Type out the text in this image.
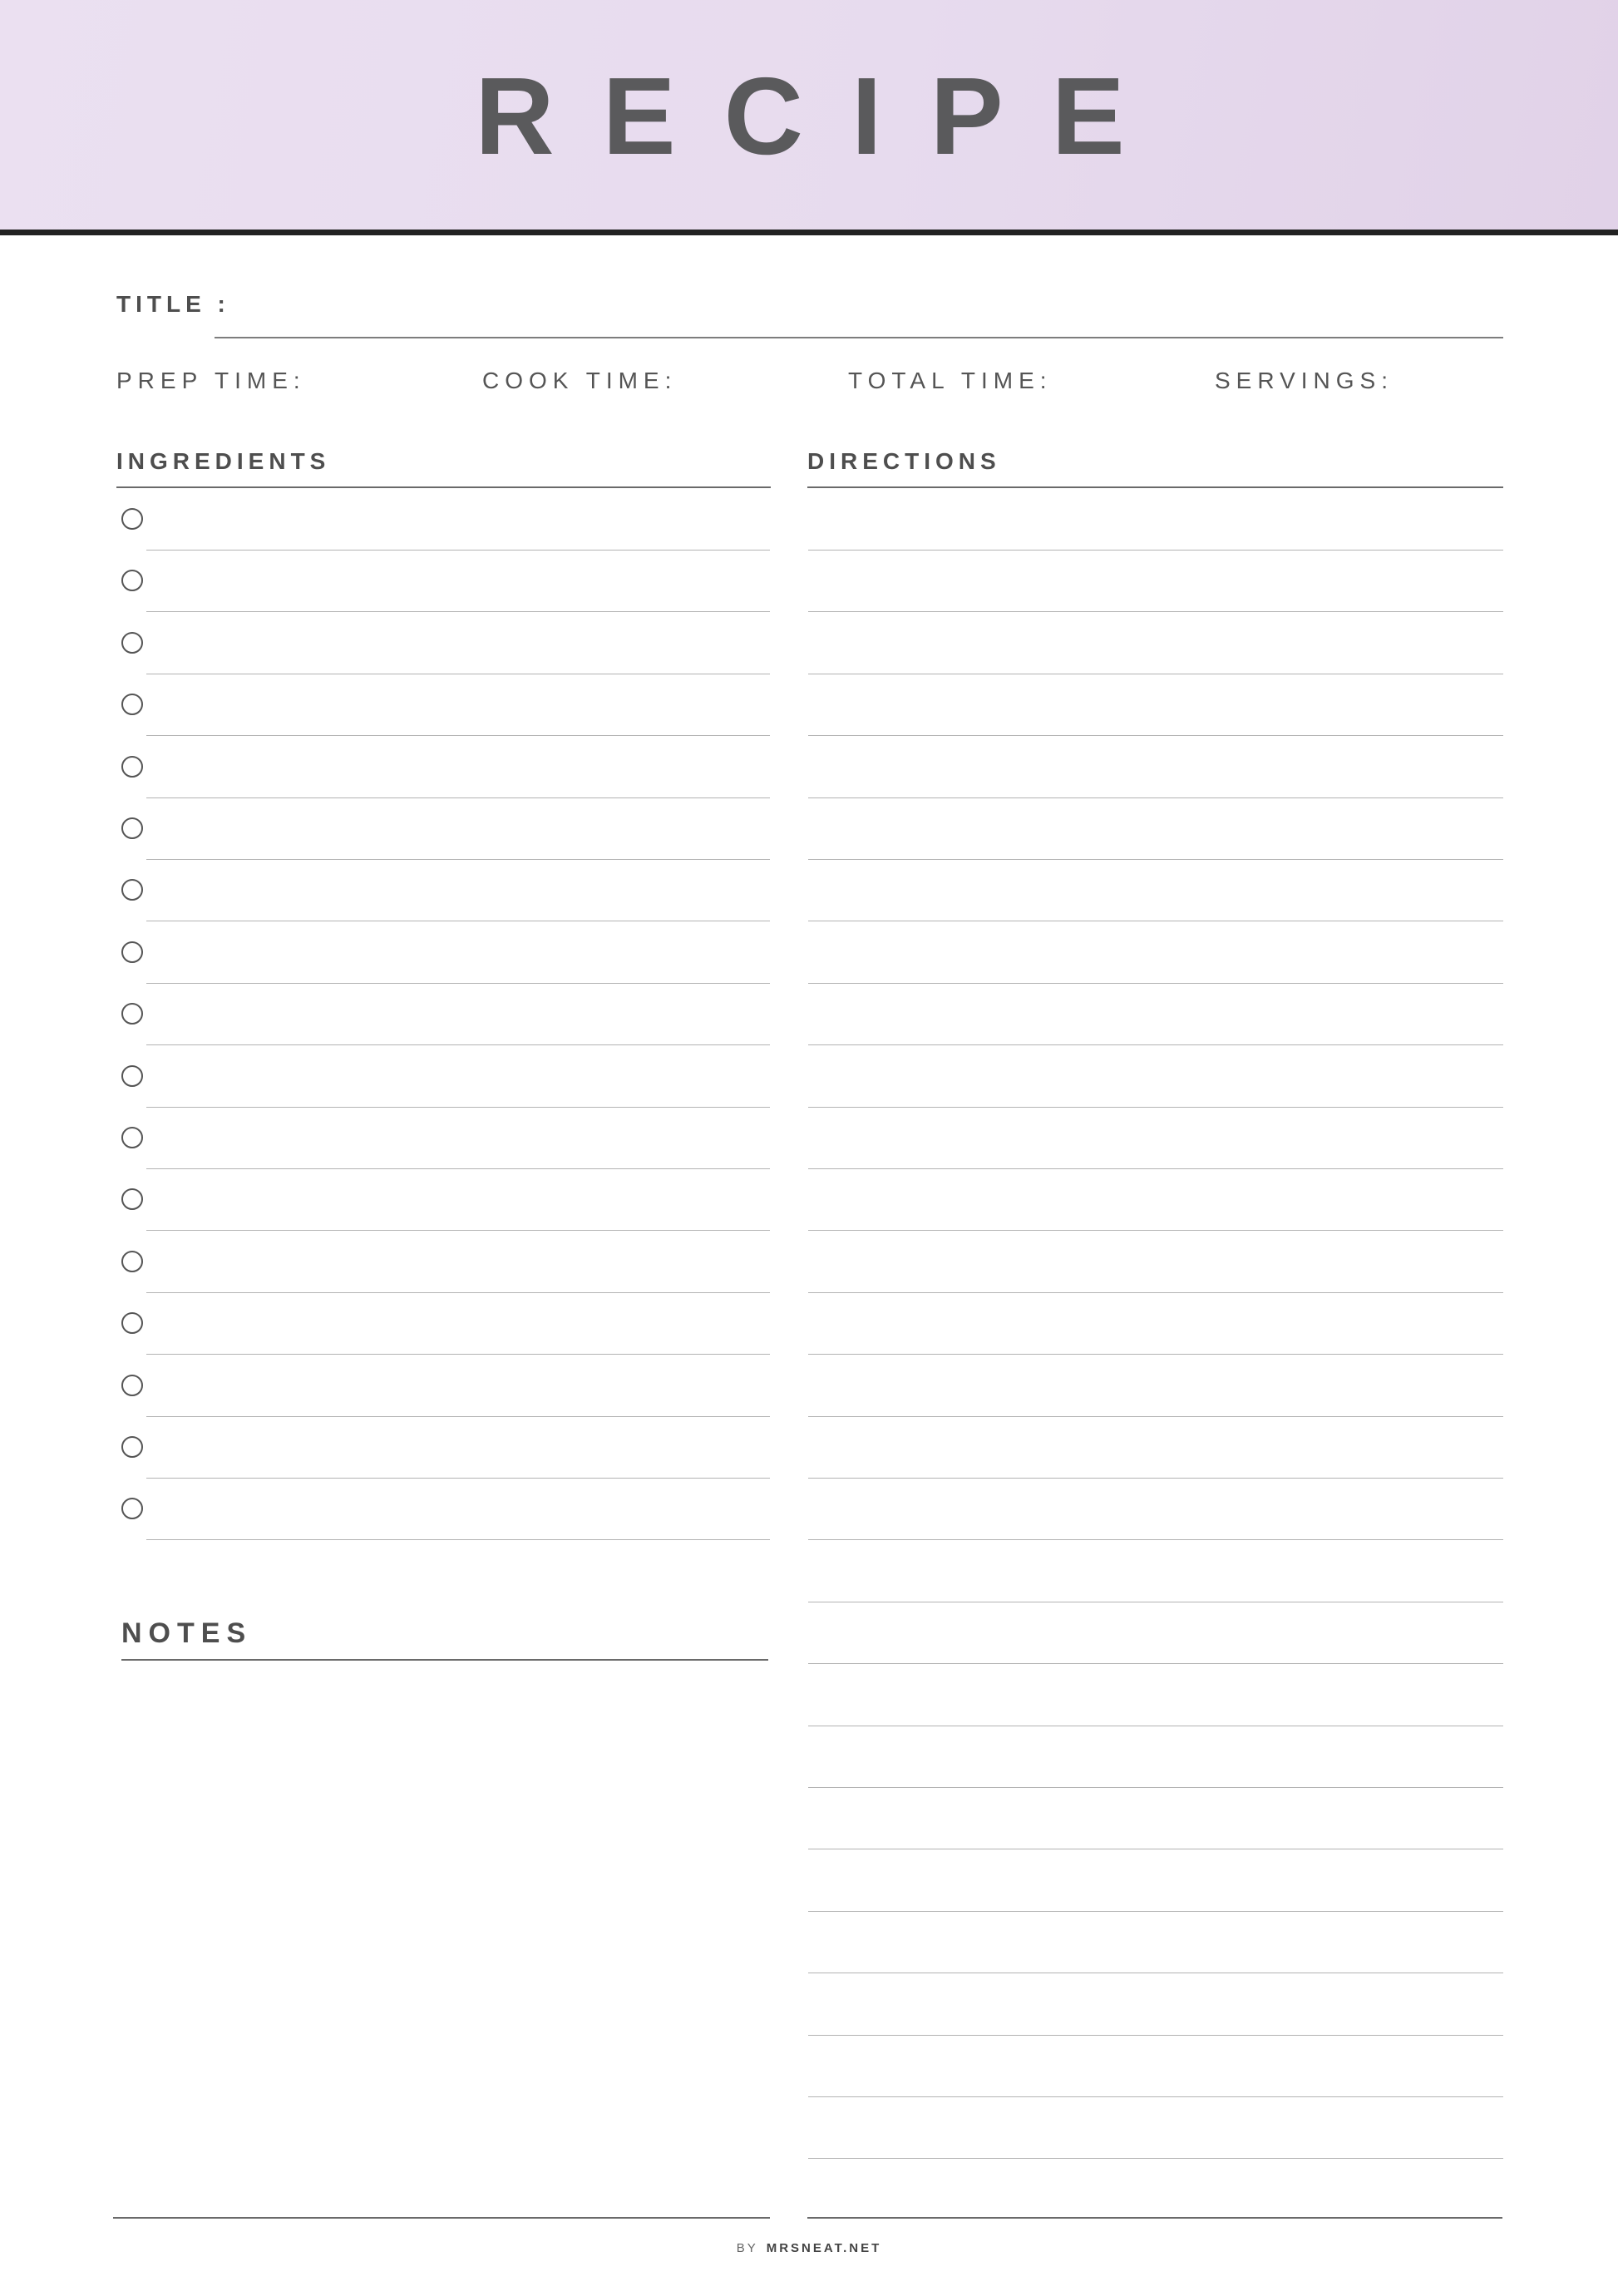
RECIPE
TITLE :
PREP TIME:	COOK TIME:	TOTAL TIME:	SERVINGS:
INGREDIENTS	DIRECTIONS
NOTES
BY MRSNEAT.NET
